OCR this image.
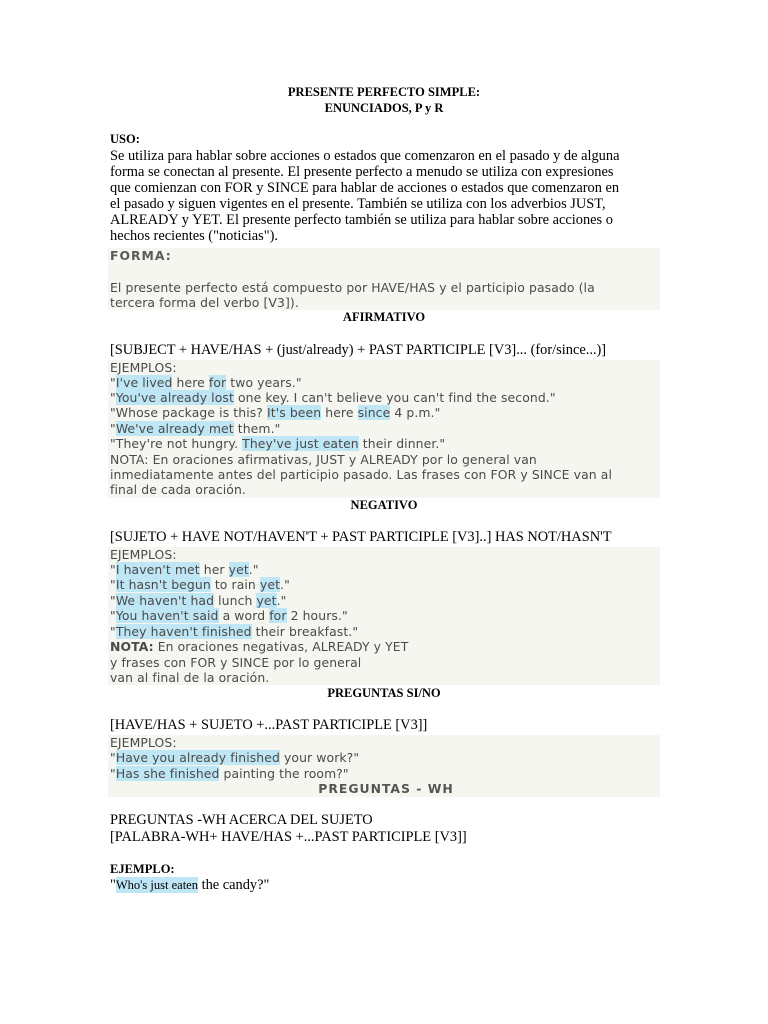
PRESENTE PERFECTO SIMPLE:
ENUNCIADOS, P y R
USO:
Se utiliza para hablar sobre acciones o estados que comenzaron en el pasado y de alguna
forma se conectan al presente. El presente perfecto a menudo se utiliza con expresiones
que comienzan con FOR y SINCE para hablar de acciones o estados que comenzaron en
el pasado y siguen vigentes en el presente. También se utiliza con los adverbios JUST,
ALREADY y YET. El presente perfecto también se utiliza para hablar sobre acciones o
hechos recientes ("noticias").
FORMA:
El presente perfecto está compuesto por HAVE/HAS y el participio pasado (la
tercera forma del verbo [V3]).
AFIRMATIVO
[SUBJECT + HAVE/HAS + (just/already) + PAST PARTICIPLE [V3]... (for/since...)]
EJEMPLOS:
"I've lived here for two years."
"You've already lost one key. I can't believe you can't find the second."
"Whose package is this? It's been here since 4 p.m."
"We've already met them."
"They're not hungry. They've just eaten their dinner."
NOTA: En oraciones afirmativas, JUST y ALREADY por lo general van
inmediatamente antes del participio pasado. Las frases con FOR y SINCE van al
final de cada oración.
NEGATIVO
[SUJETO + HAVE NOT/HAVEN'T + PAST PARTICIPLE [V3]..] HAS NOT/HASN'T
EJEMPLOS:
"I haven't met her yet."
"It hasn't begun to rain yet."
"We haven't had lunch yet."
"You haven't said a word for 2 hours."
"They haven't finished their breakfast."
NOTA: En oraciones negativas, ALREADY y YET
y frases con FOR y SINCE por lo general
van al final de la oración.
PREGUNTAS SI/NO
[HAVE/HAS + SUJETO +...PAST PARTICIPLE [V3]]
EJEMPLOS:
"Have you already finished your work?"
"Has she finished painting the room?"
PREGUNTAS - WH
PREGUNTAS -WH ACERCA DEL SUJETO
[PALABRA-WH+ HAVE/HAS +...PAST PARTICIPLE [V3]]
EJEMPLO:
"Who's just eaten the candy?"
